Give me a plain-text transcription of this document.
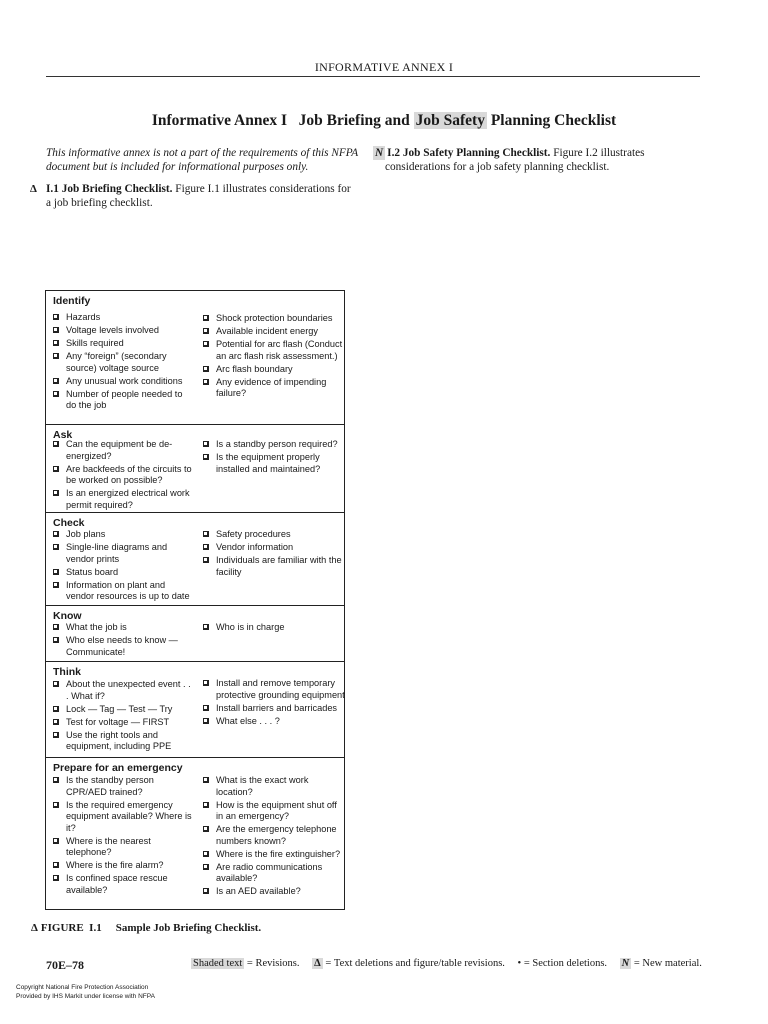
INFORMATIVE ANNEX I
Informative Annex I   Job Briefing and Job Safety Planning Checklist

This informative annex is not a part of the requirements of this NFPA document but is included for informational purposes only.

Δ I.1 Job Briefing Checklist. Figure I.1 illustrates considerations for a job briefing checklist.

N I.2 Job Safety Planning Checklist. Figure I.2 illustrates considerations for a job safety planning checklist.

Identify
Hazards
Voltage levels involved
Skills required
Any “foreign” (secondary source) voltage source
Any unusual work conditions
Number of people needed to do the job
Shock protection boundaries
Available incident energy
Potential for arc flash (Conduct an arc flash risk assessment.)
Arc flash boundary
Any evidence of impending failure?
Ask
Can the equipment be de-energized?
Are backfeeds of the circuits to be worked on possible?
Is an energized electrical work permit required?
Is a standby person required?
Is the equipment properly installed and maintained?
Check
Job plans
Single-line diagrams and vendor prints
Status board
Information on plant and vendor resources is up to date
Safety procedures
Vendor information
Individuals are familiar with the facility
Know
What the job is
Who else needs to know — Communicate!
Who is in charge
Think
About the unexpected event . . . What if?
Lock — Tag — Test — Try
Test for voltage — FIRST
Use the right tools and equipment, including PPE
Install and remove temporary protective grounding equipment
Install barriers and barricades
What else . . . ?
Prepare for an emergency
Is the standby person CPR/AED trained?
Is the required emergency equipment available? Where is it?
Where is the nearest telephone?
Where is the fire alarm?
Is confined space rescue available?
What is the exact work location?
How is the equipment shut off in an emergency?
Are the emergency telephone numbers known?
Where is the fire extinguisher?
Are radio communications available?
Is an AED available?
Δ FIGURE  I.1 Sample Job Briefing Checklist.
70E–78	Shaded text = Revisions. Δ = Text deletions and figure/table revisions. • = Section deletions. N = New material.
Copyright National Fire Protection Association
Provided by IHS Markit under license with NFPA
